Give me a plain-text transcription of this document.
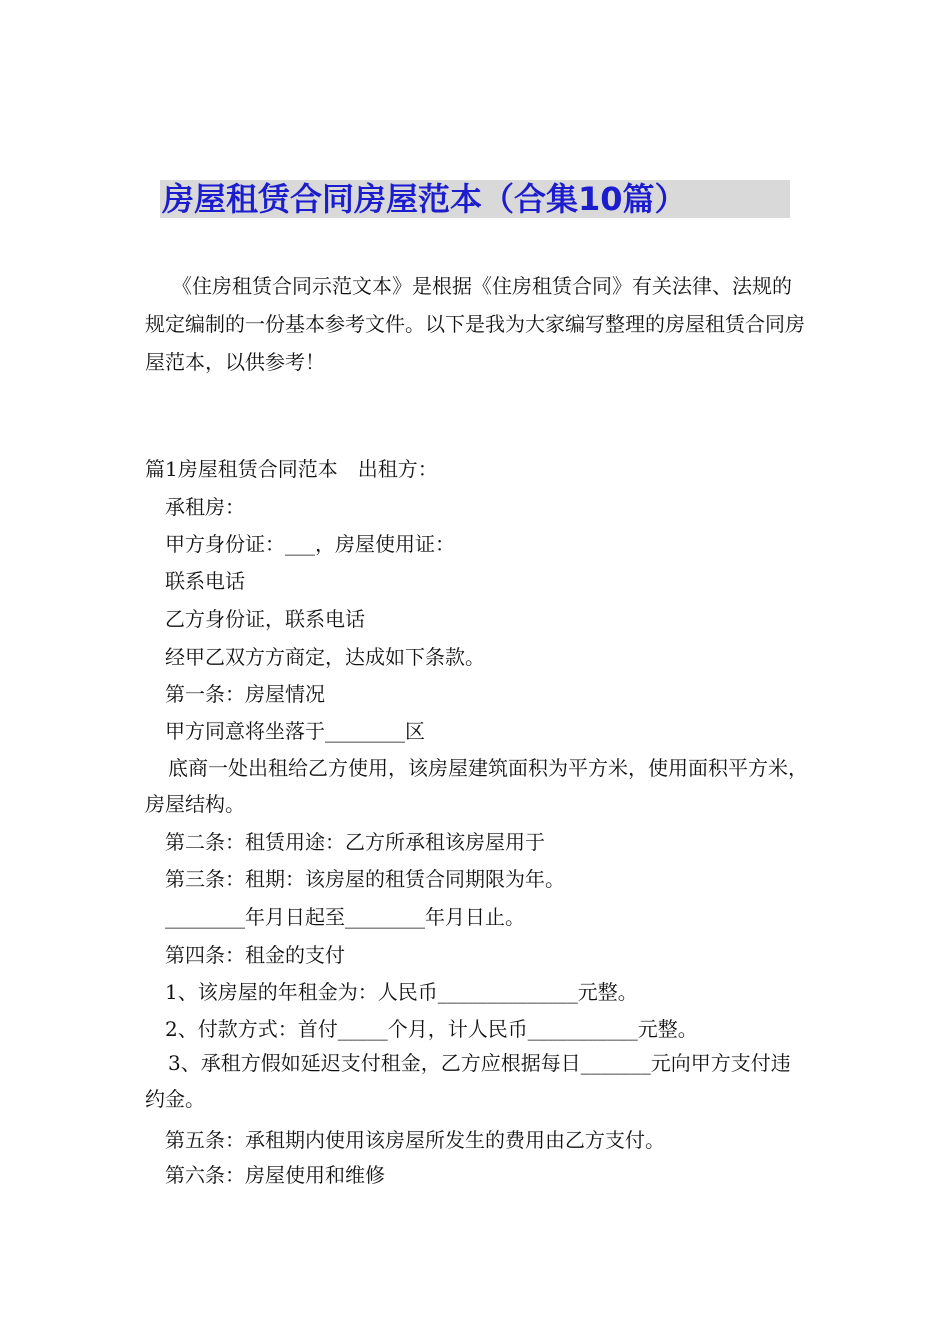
房屋租赁合同房屋范本（合集10篇）
《住房租赁合同示范文本》是根据《住房租赁合同》有关法律、法规的规定编制的一份基本参考文件。以下是我为大家编写整理的房屋租赁合同房屋范本，以供参考！
篇1房屋租赁合同范本　出租方：
承租房：
甲方身份证：___，房屋使用证：
联系电话
乙方身份证，联系电话
经甲乙双方方商定，达成如下条款。
第一条：房屋情况
甲方同意将坐落于________区
底商一处出租给乙方使用，该房屋建筑面积为平方米，使用面积平方米，房屋结构。
第二条：租赁用途：乙方所承租该房屋用于
第三条：租期：该房屋的租赁合同期限为年。
________年月日起至________年月日止。
第四条：租金的支付
1、该房屋的年租金为：人民币______________元整。
2、付款方式：首付_____个月，计人民币___________元整。
3、承租方假如延迟支付租金，乙方应根据每日_______元向甲方支付违约金。
第五条：承租期内使用该房屋所发生的费用由乙方支付。
第六条：房屋使用和维修
